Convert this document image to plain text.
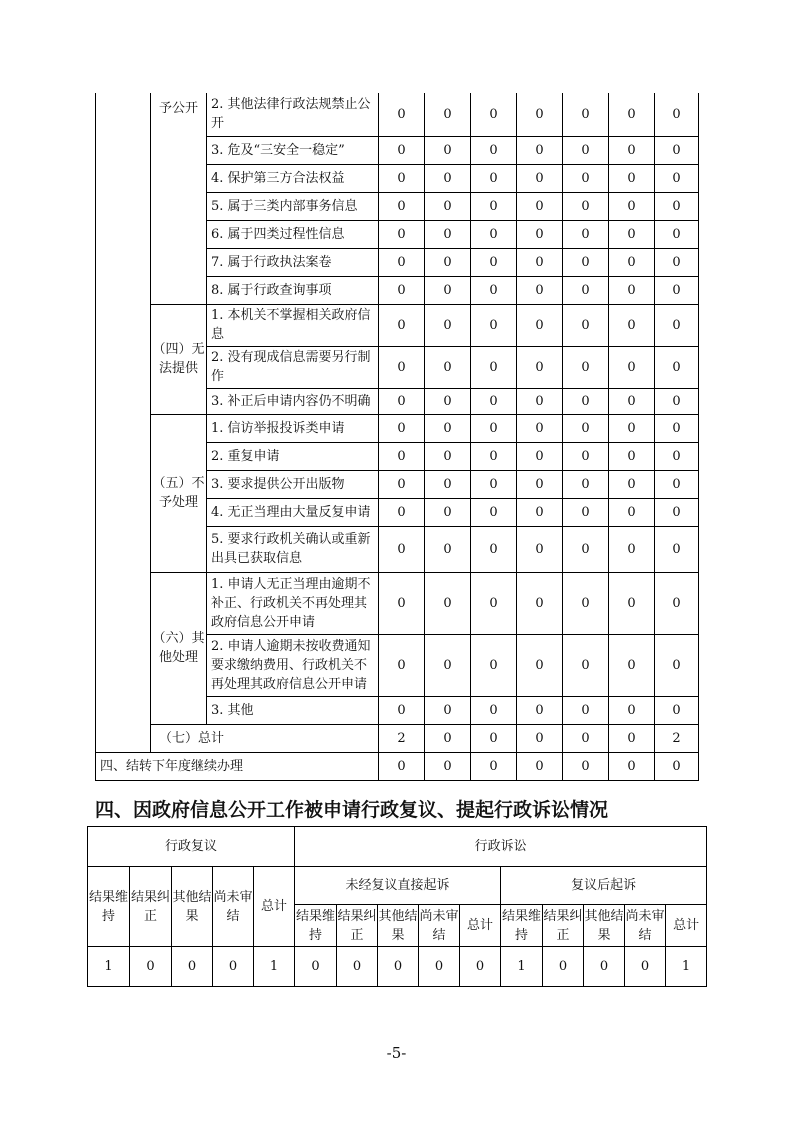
	予公开	2. 其他法律行政法规禁止公开	0	0	0	0	0	0	0
		3. 危及“三安全一稳定”	0	0	0	0	0	0	0
		4. 保护第三方合法权益	0	0	0	0	0	0	0
		5. 属于三类内部事务信息	0	0	0	0	0	0	0
		6. 属于四类过程性信息	0	0	0	0	0	0	0
		7. 属于行政执法案卷	0	0	0	0	0	0	0
		8. 属于行政查询事项	0	0	0	0	0	0	0
	（四）无法提供	1. 本机关不掌握相关政府信息	0	0	0	0	0	0	0
		2. 没有现成信息需要另行制作	0	0	0	0	0	0	0
		3. 补正后申请内容仍不明确	0	0	0	0	0	0	0
	（五）不予处理	1. 信访举报投诉类申请	0	0	0	0	0	0	0
		2. 重复申请	0	0	0	0	0	0	0
		3. 要求提供公开出版物	0	0	0	0	0	0	0
		4. 无正当理由大量反复申请	0	0	0	0	0	0	0
		5. 要求行政机关确认或重新出具已获取信息	0	0	0	0	0	0	0
	（六）其他处理	1. 申请人无正当理由逾期不补正、行政机关不再处理其政府信息公开申请	0	0	0	0	0	0	0
		2. 申请人逾期未按收费通知要求缴纳费用、行政机关不再处理其政府信息公开申请	0	0	0	0	0	0	0
		3. 其他	0	0	0	0	0	0	0
	（七）总计		2	0	0	0	0	0	2
四、结转下年度继续办理			0	0	0	0	0	0	0
四、因政府信息公开工作被申请行政复议、提起行政诉讼情况
行政复议					行政诉讼									
结果维持	结果纠正	其他结果	尚未审结	总计	未经复议直接起诉					复议后起诉				
					结果维持	结果纠正	其他结果	尚未审结	总计	结果维持	结果纠正	其他结果	尚未审结	总计
1	0	0	0	1	0	0	0	0	0	1	0	0	0	1
-5-
